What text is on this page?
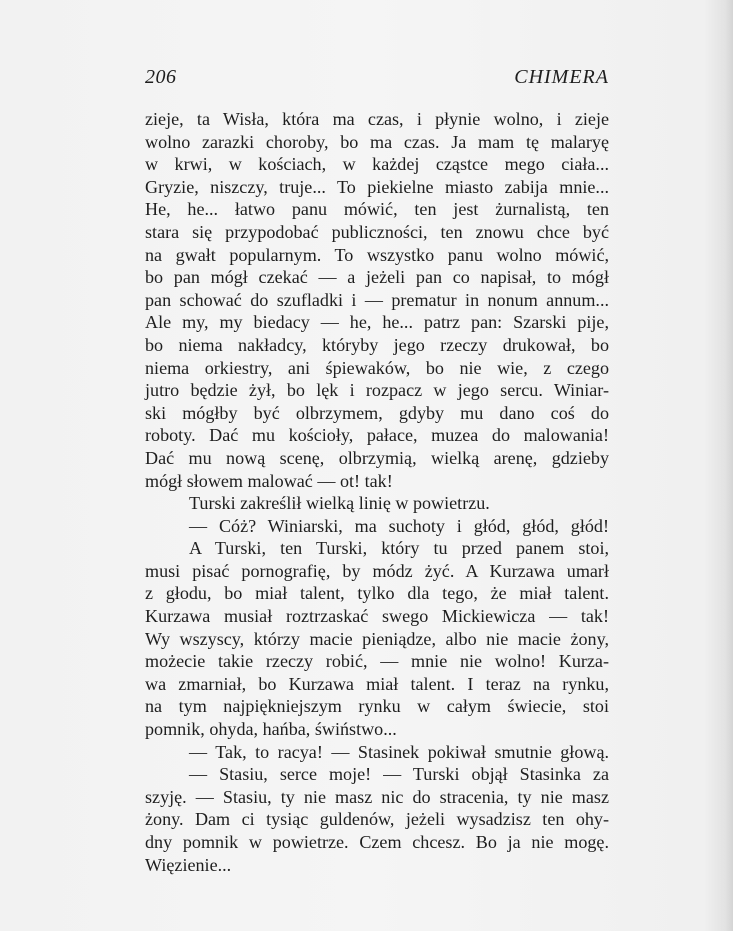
206	CHIMERA
zieje, ta Wisła, która ma czas, i płynie wolno, i zieje
wolno zarazki choroby, bo ma czas. Ja mam tę malaryę
w krwi, w kościach, w każdej cząstce mego ciała...
Gryzie, niszczy, truje... To piekielne miasto zabija mnie...
He, he... łatwo panu mówić, ten jest żurnalistą, ten
stara się przypodobać publiczności, ten znowu chce być
na gwałt popularnym. To wszystko panu wolno mówić,
bo pan mógł czekać — a jeżeli pan co napisał, to mógł
pan schować do szufladki i — prematur in nonum annum...
Ale my, my biedacy — he, he... patrz pan: Szarski pije,
bo niema nakładcy, któryby jego rzeczy drukował, bo
niema orkiestry, ani śpiewaków, bo nie wie, z czego
jutro będzie żył, bo lęk i rozpacz w jego sercu. Winiar-
ski mógłby być olbrzymem, gdyby mu dano coś do
roboty. Dać mu kościoły, pałace, muzea do malowania!
Dać mu nową scenę, olbrzymią, wielką arenę, gdzieby
mógł słowem malować — ot! tak!
Turski zakreślił wielką linię w powietrzu.
— Cóż? Winiarski, ma suchoty i głód, głód, głód!
A Turski, ten Turski, który tu przed panem stoi,
musi pisać pornografię, by módz żyć. A Kurzawa umarł
z głodu, bo miał talent, tylko dla tego, że miał talent.
Kurzawa musiał roztrzaskać swego Mickiewicza — tak!
Wy wszyscy, którzy macie pieniądze, albo nie macie żony,
możecie takie rzeczy robić, — mnie nie wolno! Kurza-
wa zmarniał, bo Kurzawa miał talent. I teraz na rynku,
na tym najpiękniejszym rynku w całym świecie, stoi
pomnik, ohyda, hańba, świństwo...
— Tak, to racya! — Stasinek pokiwał smutnie głową.
— Stasiu, serce moje! — Turski objął Stasinka za
szyję. — Stasiu, ty nie masz nic do stracenia, ty nie masz
żony. Dam ci tysiąc guldenów, jeżeli wysadzisz ten ohy-
dny pomnik w powietrze. Czem chcesz. Bo ja nie mogę.
Więzienie...
